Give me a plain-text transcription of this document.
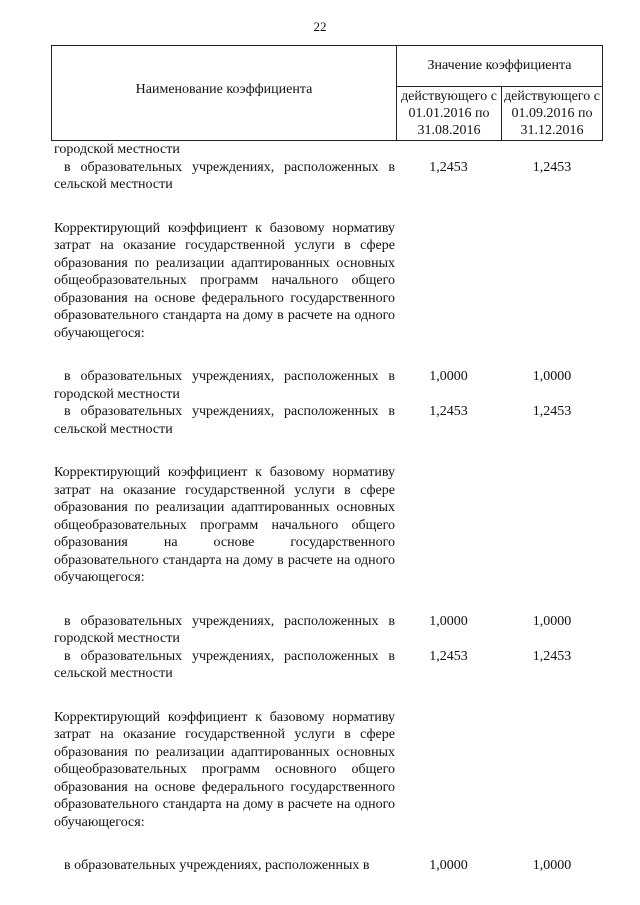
22
Наименование коэффициента
Значение коэффициента
действующего с 01.01.2016 по 31.08.2016
действующего с 01.09.2016 по 31.12.2016
городской местности
в образовательных учреждениях, расположенных в сельской местности
1,2453	1,2453
Корректирующий коэффициент к базовому нормативу затрат на оказание государственной услуги в сфере образования по реализации адаптированных основных общеобразовательных программ начального общего образования на основе федерального государственного образовательного стандарта на дому в расчете на одного обучающегося:
в образовательных учреждениях, расположенных в городской местности
1,0000	1,0000
в образовательных учреждениях, расположенных в сельской местности
1,2453	1,2453
Корректирующий коэффициент к базовому нормативу затрат на оказание государственной услуги в сфере образования по реализации адаптированных основных общеобразовательных программ начального общего образования на основе государственного образовательного стандарта на дому в расчете на одного обучающегося:
в образовательных учреждениях, расположенных в городской местности
1,0000	1,0000
в образовательных учреждениях, расположенных в сельской местности
1,2453	1,2453
Корректирующий коэффициент к базовому нормативу затрат на оказание государственной услуги в сфере образования по реализации адаптированных основных общеобразовательных программ основного общего образования на основе федерального государственного образовательного стандарта на дому в расчете на одного обучающегося:
в образовательных учреждениях, расположенных в	1,0000	1,0000
